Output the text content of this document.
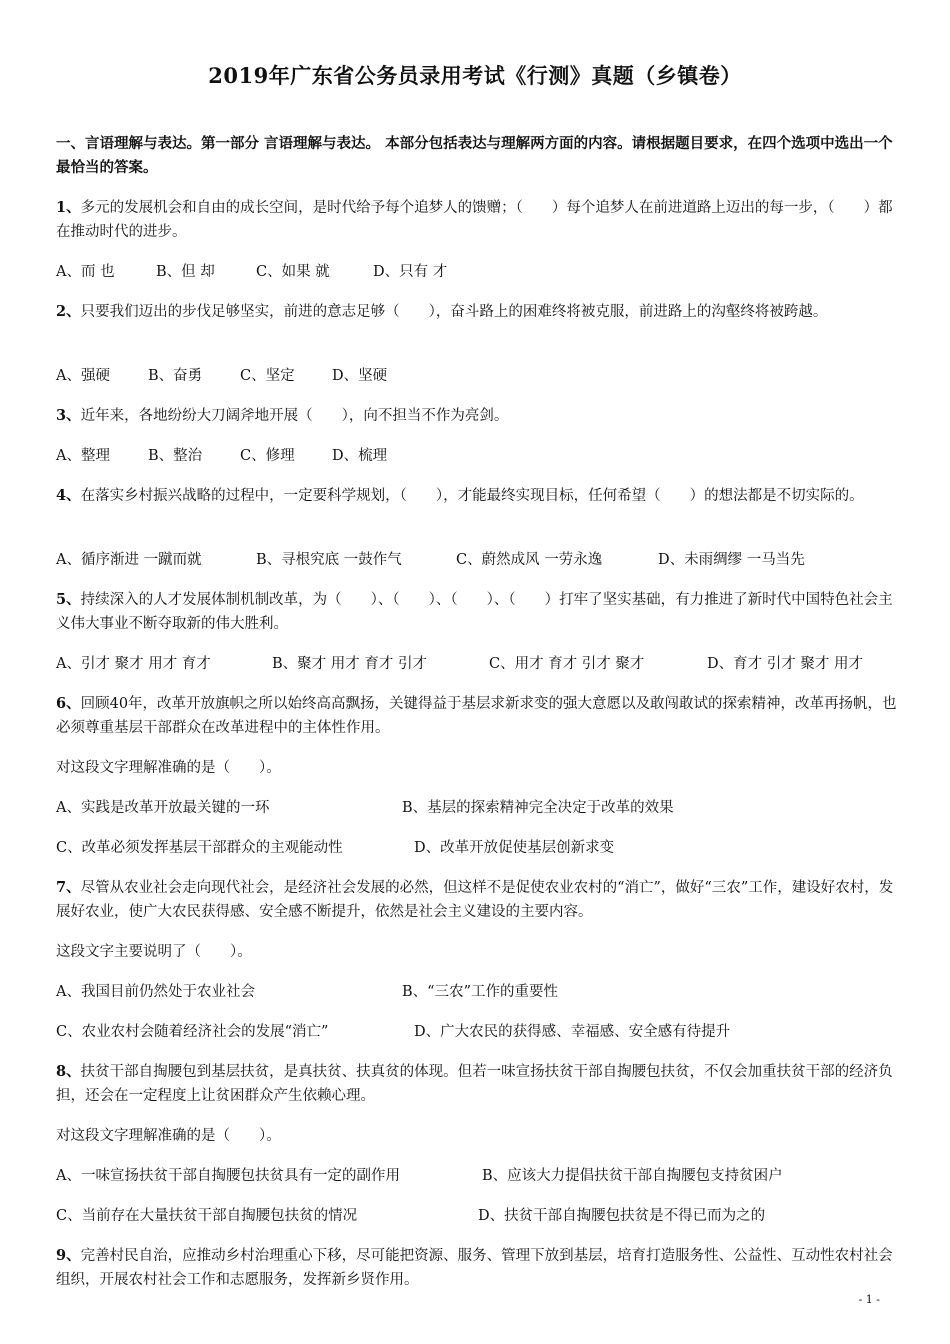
2019年广东省公务员录用考试《行测》真题（乡镇卷）
一、言语理解与表达。第一部分 言语理解与表达。 本部分包括表达与理解两方面的内容。请根据题目要求，在四个选项中选出一个最恰当的答案。
1、多元的发展机会和自由的成长空间，是时代给予每个追梦人的馈赠；（　　）每个追梦人在前进道路上迈出的每一步，（　　）都在推动时代的进步。
A、而 也	B、但 却	C、如果 就	D、只有 才
2、只要我们迈出的步伐足够坚实，前进的意志足够（　　），奋斗路上的困难终将被克服，前进路上的沟壑终将被跨越。
A、强硬	B、奋勇	C、坚定	D、坚硬
3、近年来，各地纷纷大刀阔斧地开展（　　），向不担当不作为亮剑。
A、整理	B、整治	C、修理	D、梳理
4、在落实乡村振兴战略的过程中，一定要科学规划，（　　），才能最终实现目标，任何希望（　　）的想法都是不切实际的。
A、循序渐进 一蹴而就	B、寻根究底 一鼓作气	C、蔚然成风 一劳永逸	D、未雨绸缪 一马当先
5、持续深入的人才发展体制机制改革，为（　　）、（　　）、（　　）、（　　）打牢了坚实基础，有力推进了新时代中国特色社会主义伟大事业不断夺取新的伟大胜利。
A、引才 聚才 用才 育才	B、聚才 用才 育才 引才	C、用才 育才 引才 聚才	D、育才 引才 聚才 用才
6、回顾40年，改革开放旗帜之所以始终高高飘扬，关键得益于基层求新求变的强大意愿以及敢闯敢试的探索精神，改革再扬帆，也必须尊重基层干部群众在改革进程中的主体性作用。
对这段文字理解准确的是（　　）。
A、实践是改革开放最关键的一环	B、基层的探索精神完全决定于改革的效果
C、改革必须发挥基层干部群众的主观能动性	D、改革开放促使基层创新求变
7、尽管从农业社会走向现代社会，是经济社会发展的必然，但这样不是促使农业农村的“消亡”，做好“三农”工作，建设好农村，发展好农业，使广大农民获得感、安全感不断提升，依然是社会主义建设的主要内容。
这段文字主要说明了（　　）。
A、我国目前仍然处于农业社会	B、“三农”工作的重要性
C、农业农村会随着经济社会的发展“消亡”	D、广大农民的获得感、幸福感、安全感有待提升
8、扶贫干部自掏腰包到基层扶贫，是真扶贫、扶真贫的体现。但若一味宣扬扶贫干部自掏腰包扶贫，不仅会加重扶贫干部的经济负担，还会在一定程度上让贫困群众产生依赖心理。
对这段文字理解准确的是（　　）。
A、一味宣扬扶贫干部自掏腰包扶贫具有一定的副作用	B、应该大力提倡扶贫干部自掏腰包支持贫困户
C、当前存在大量扶贫干部自掏腰包扶贫的情况	D、扶贫干部自掏腰包扶贫是不得已而为之的
9、完善村民自治，应推动乡村治理重心下移，尽可能把资源、服务、管理下放到基层，培育打造服务性、公益性、互动性农村社会组织，开展农村社会工作和志愿服务，发挥新乡贤作用。
- 1 -
